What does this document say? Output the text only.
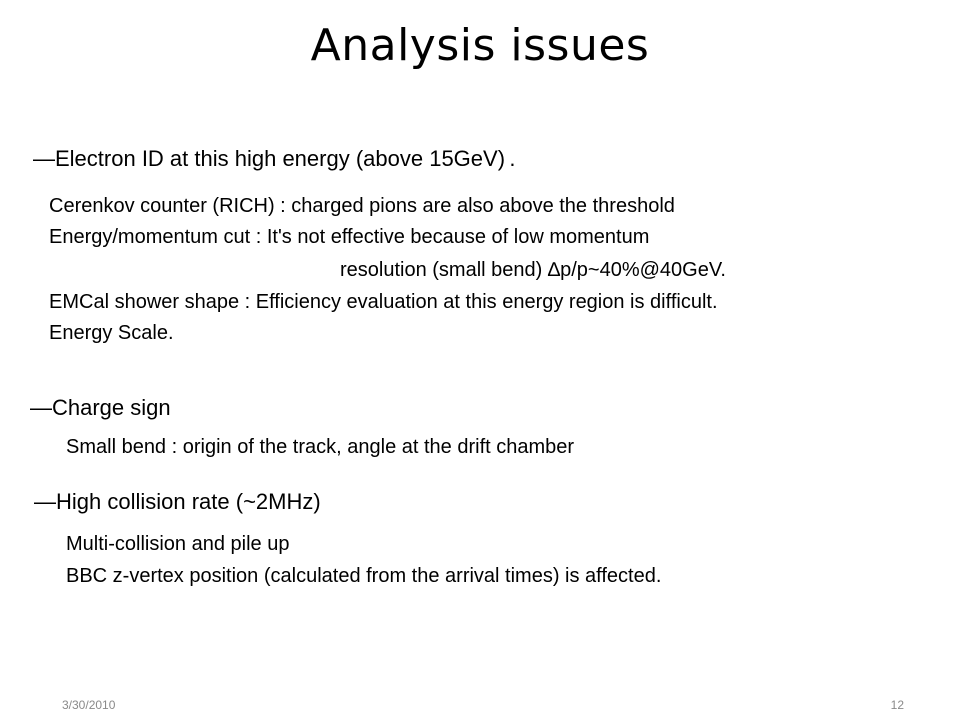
Analysis issues
―Electron ID at this high energy (above 15GeV) .
Cerenkov counter (RICH) : charged pions are also above the threshold
Energy/momentum cut : It's not effective because of low momentum
resolution (small bend) ∆p/p~40%@40GeV.
EMCal shower shape : Efficiency evaluation at this energy region is difficult.
Energy Scale.
―Charge sign
Small bend : origin of the track, angle at the drift chamber
―High collision rate (~2MHz)
Multi-collision and pile up
BBC z-vertex position (calculated from the arrival times) is affected.
3/30/2010	12
